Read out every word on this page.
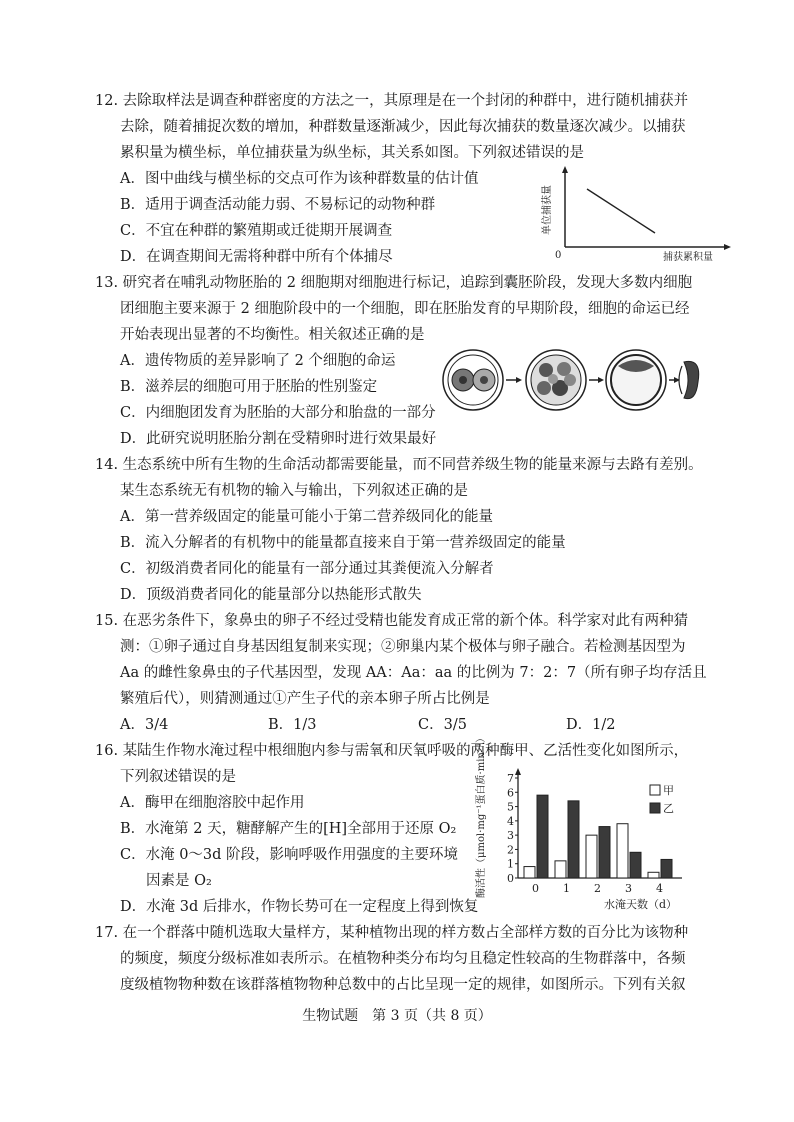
12. 去除取样法是调查种群密度的方法之一，其原理是在一个封闭的种群中，进行随机捕获并
去除，随着捕捉次数的增加，种群数量逐渐减少，因此每次捕获的数量逐次减少。以捕获
累积量为横坐标，单位捕获量为纵坐标，其关系如图。下列叙述错误的是
A．图中曲线与横坐标的交点可作为该种群数量的估计值
B．适用于调查活动能力弱、不易标记的动物种群
C．不宜在种群的繁殖期或迁徙期开展调查
D．在调查期间无需将种群中所有个体捕尽	0	捕获累积量
单位捕获量
13. 研究者在哺乳动物胚胎的 2 细胞期对细胞进行标记，追踪到囊胚阶段，发现大多数内细胞
团细胞主要来源于 2 细胞阶段中的一个细胞，即在胚胎发育的早期阶段，细胞的命运已经
开始表现出显著的不均衡性。相关叙述正确的是
A．遗传物质的差异影响了 2 个细胞的命运
B．滋养层的细胞可用于胚胎的性别鉴定
C．内细胞团发育为胚胎的大部分和胎盘的一部分
D．此研究说明胚胎分割在受精卵时进行效果最好
14. 生态系统中所有生物的生命活动都需要能量，而不同营养级生物的能量来源与去路有差别。
某生态系统无有机物的输入与输出，下列叙述正确的是
A．第一营养级固定的能量可能小于第二营养级同化的能量
B．流入分解者的有机物中的能量都直接来自于第一营养级固定的能量
C．初级消费者同化的能量有一部分通过其粪便流入分解者
D．顶级消费者同化的能量部分以热能形式散失
15. 在恶劣条件下，象鼻虫的卵子不经过受精也能发育成正常的新个体。科学家对此有两种猜
测：①卵子通过自身基因组复制来实现；②卵巢内某个极体与卵子融合。若检测基因型为
Aa 的雌性象鼻虫的子代基因型，发现 AA：Aa：aa 的比例为 7：2：7（所有卵子均存活且
繁殖后代），则猜测通过①产生子代的亲本卵子所占比例是
A．3/4	B．1/3	C．3/5	D．1/2
16. 某陆生作物水淹过程中根细胞内参与需氧和厌氧呼吸的两种酶甲、乙活性变化如图所示，
下列叙述错误的是
A．酶甲在细胞溶胶中起作用
B．水淹第 2 天，糖酵解产生的[H]全部用于还原 O₂
C．水淹 0～3d 阶段，影响呼吸作用强度的主要环境
因素是 O₂
D．水淹 3d 后排水，作物长势可在一定程度上得到恢复
酶活性（μmol·mg⁻¹蛋白质·min⁻¹） 0
1
2
3
4
5
6
7
0 1 2 3 4
甲
乙
水淹天数（d）
17. 在一个群落中随机选取大量样方，某种植物出现的样方数占全部样方数的百分比为该物种
的频度，频度分级标准如表所示。在植物种类分布均匀且稳定性较高的生物群落中，各频
度级植物物种数在该群落植物物种总数中的占比呈现一定的规律，如图所示。下列有关叙
生物试题　第 3 页（共 8 页）
